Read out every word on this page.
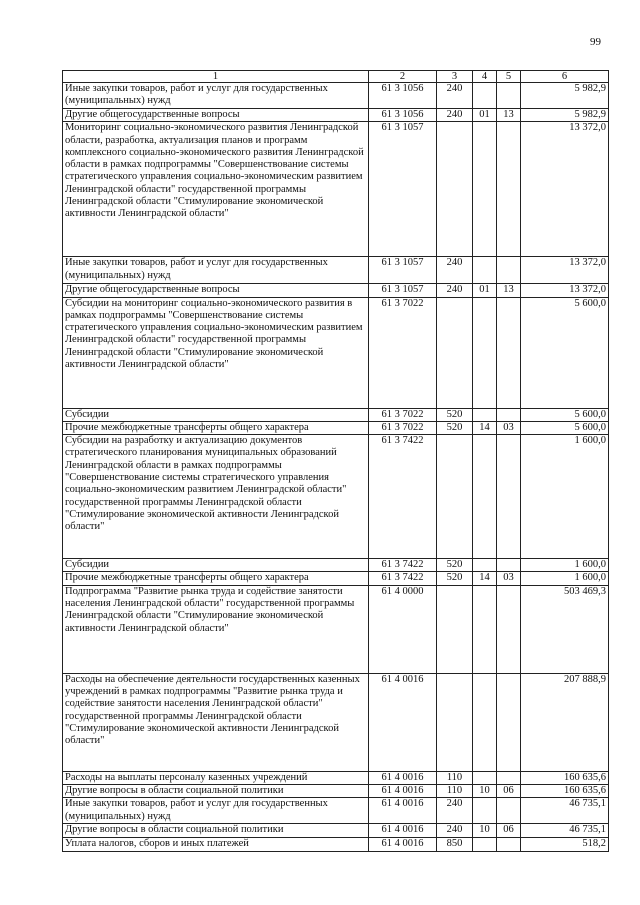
99
1	2	3	4	5	6
Иные закупки товаров, работ и услуг для государственных (муниципальных) нужд	61 3 1056	240			5 982,9
Другие общегосударственные вопросы	61 3 1056	240	01	13	5 982,9
Мониторинг социально-экономического развития Ленинградской области, разработка, актуализация планов и программ комплексного социально-экономического развития Ленинградской области в рамках подпрограммы "Совершенствование системы стратегического управления социально-экономическим развитием Ленинградской области" государственной программы Ленинградской области "Стимулирование экономической активности Ленинградской области"	61 3 1057				13 372,0
Иные закупки товаров, работ и услуг для государственных (муниципальных) нужд	61 3 1057	240			13 372,0
Другие общегосударственные вопросы	61 3 1057	240	01	13	13 372,0
Субсидии на мониторинг социально-экономического развития в рамках подпрограммы "Совершенствование системы стратегического управления социально-экономическим развитием Ленинградской области" государственной программы Ленинградской области "Стимулирование экономической активности Ленинградской области"	61 3 7022				5 600,0
Субсидии	61 3 7022	520			5 600,0
Прочие межбюджетные трансферты общего характера	61 3 7022	520	14	03	5 600,0
Субсидии на разработку и актуализацию документов стратегического планирования муниципальных образований Ленинградской области в рамках подпрограммы "Совершенствование системы стратегического управления социально-экономическим развитием Ленинградской области" государственной программы Ленинградской области "Стимулирование экономической активности Ленинградской области"	61 3 7422				1 600,0
Субсидии	61 3 7422	520			1 600,0
Прочие межбюджетные трансферты общего характера	61 3 7422	520	14	03	1 600,0
Подпрограмма "Развитие рынка труда и содействие занятости населения Ленинградской области" государственной программы Ленинградской области "Стимулирование экономической активности Ленинградской области"	61 4 0000				503 469,3
Расходы на обеспечение деятельности государственных казенных учреждений в рамках подпрограммы "Развитие рынка труда и содействие занятости населения Ленинградской области" государственной программы Ленинградской области "Стимулирование экономической активности Ленинградской области"	61 4 0016				207 888,9
Расходы на выплаты персоналу казенных учреждений	61 4 0016	110			160 635,6
Другие вопросы в области социальной политики	61 4 0016	110	10	06	160 635,6
Иные закупки товаров, работ и услуг для государственных (муниципальных) нужд	61 4 0016	240			46 735,1
Другие вопросы в области социальной политики	61 4 0016	240	10	06	46 735,1
Уплата налогов, сборов и иных платежей	61 4 0016	850			518,2
